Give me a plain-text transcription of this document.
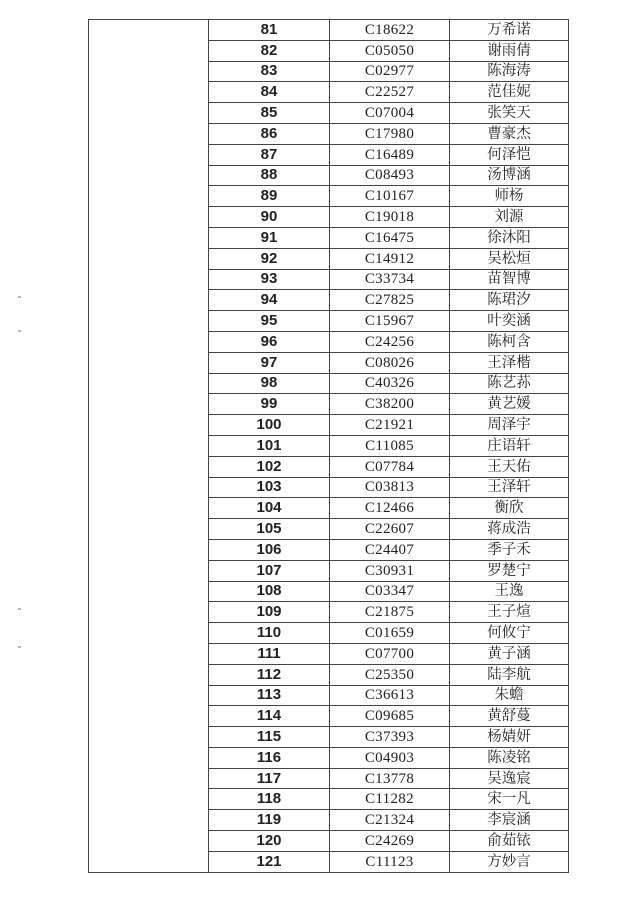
	81	C18622	万希诺
	82	C05050	谢雨倩
	83	C02977	陈海涛
	84	C22527	范佳妮
	85	C07004	张笑天
	86	C17980	曹豪杰
	87	C16489	何泽恺
	88	C08493	汤博涵
	89	C10167	师杨
	90	C19018	刘源
	91	C16475	徐沐阳
	92	C14912	吴松烜
	93	C33734	苗智博
	94	C27825	陈珺汐
	95	C15967	叶奕涵
	96	C24256	陈柯含
	97	C08026	王泽楷
	98	C40326	陈艺荪
	99	C38200	黄艺媛
	100	C21921	周泽宇
	101	C11085	庄语轩
	102	C07784	王天佑
	103	C03813	王泽轩
	104	C12466	衡欣
	105	C22607	蒋成浩
	106	C24407	季子禾
	107	C30931	罗楚宁
	108	C03347	王逸
	109	C21875	王子煊
	110	C01659	何攸宁
	111	C07700	黄子涵
	112	C25350	陆李航
	113	C36613	朱蟾
	114	C09685	黄舒蔓
	115	C37393	杨婧妍
	116	C04903	陈凌铭
	117	C13778	吴逸宸
	118	C11282	宋一凡
	119	C21324	李宸涵
	120	C24269	俞茹铱
	121	C11123	方妙言
